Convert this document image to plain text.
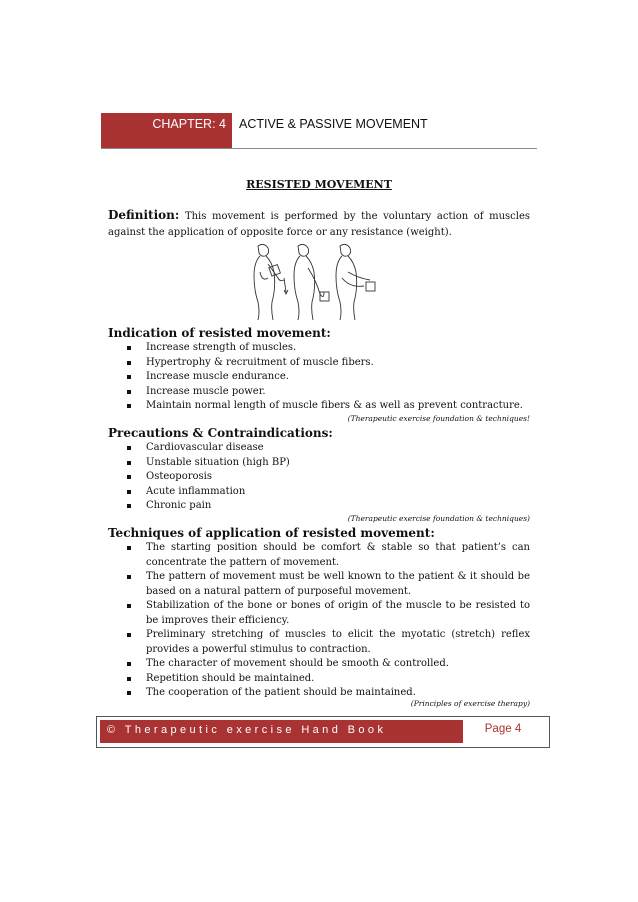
CHAPTER: 4	ACTIVE & PASSIVE MOVEMENT
RESISTED MOVEMENT
Definition: This movement is performed by the voluntary action of muscles against the application of opposite force or any resistance (weight).
Indication of resisted movement:
Increase strength of muscles.
Hypertrophy & recruitment of muscle fibers.
Increase muscle endurance.
Increase muscle power.
Maintain normal length of muscle fibers & as well as prevent contracture.
(Therapeutic exercise foundation & techniques!
Precautions & Contraindications:
Cardiovascular disease
Unstable situation (high BP)
Osteoporosis
Acute inflammation
Chronic pain
(Therapeutic exercise foundation & techniques)
Techniques of application of resisted movement:
The starting position should be comfort & stable so that patient’s can concentrate the pattern of movement.
The pattern of movement must be well known to the patient & it should be based on a natural pattern of purposeful movement.
Stabilization of the bone or bones of origin of the muscle to be resisted to be improves their efficiency.
Preliminary stretching of muscles to elicit the myotatic (stretch) reflex provides a powerful stimulus to contraction.
The character of movement should be smooth & controlled.
Repetition should be maintained.
The cooperation of the patient should be maintained.
(Principles of exercise therapy)
© Therapeutic exercise Hand Book	Page 4
